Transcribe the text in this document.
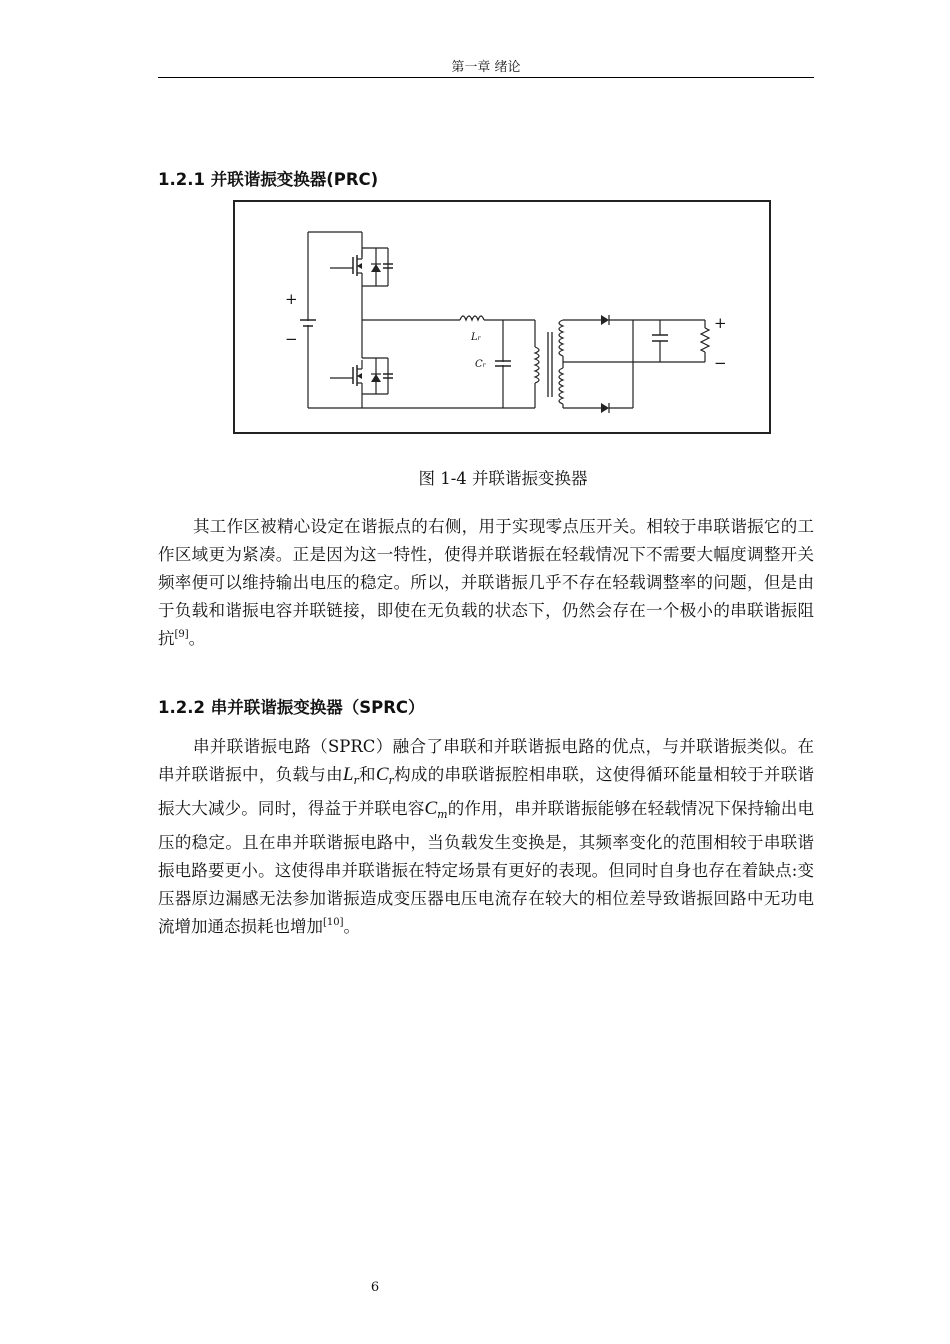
第一章 绪论
1.2.1 并联谐振变换器(PRC)
+
−	Lr
Cr
+
−
图 1-4 并联谐振变换器

其工作区被精心设定在谐振点的右侧，用于实现零点压开关。相较于串联谐振它的工作区域更为紧凑。正是因为这一特性，使得并联谐振在轻载情况下不需要大幅度调整开关频率便可以维持输出电压的稳定。所以，并联谐振几乎不存在轻载调整率的问题，但是由于负载和谐振电容并联链接，即使在无负载的状态下，仍然会存在一个极小的串联谐振阻抗[9]。

1.2.2 串并联谐振变换器（SPRC）

串并联谐振电路（SPRC）融合了串联和并联谐振电路的优点，与并联谐振类似。在串并联谐振中，负载与由$L_r$和$C_r$构成的串联谐振腔相串联，这使得循环能量相较于并联谐振大大减少。同时，得益于并联电容$C_m$的作用，串并联谐振能够在轻载情况下保持输出电压的稳定。且在串并联谐振电路中，当负载发生变换是，其频率变化的范围相较于串联谐振电路要更小。这使得串并联谐振在特定场景有更好的表现。但同时自身也存在着缺点:变压器原边漏感无法参加谐振造成变压器电压电流存在较大的相位差导致谐振回路中无功电流增加通态损耗也增加[10]。

6
